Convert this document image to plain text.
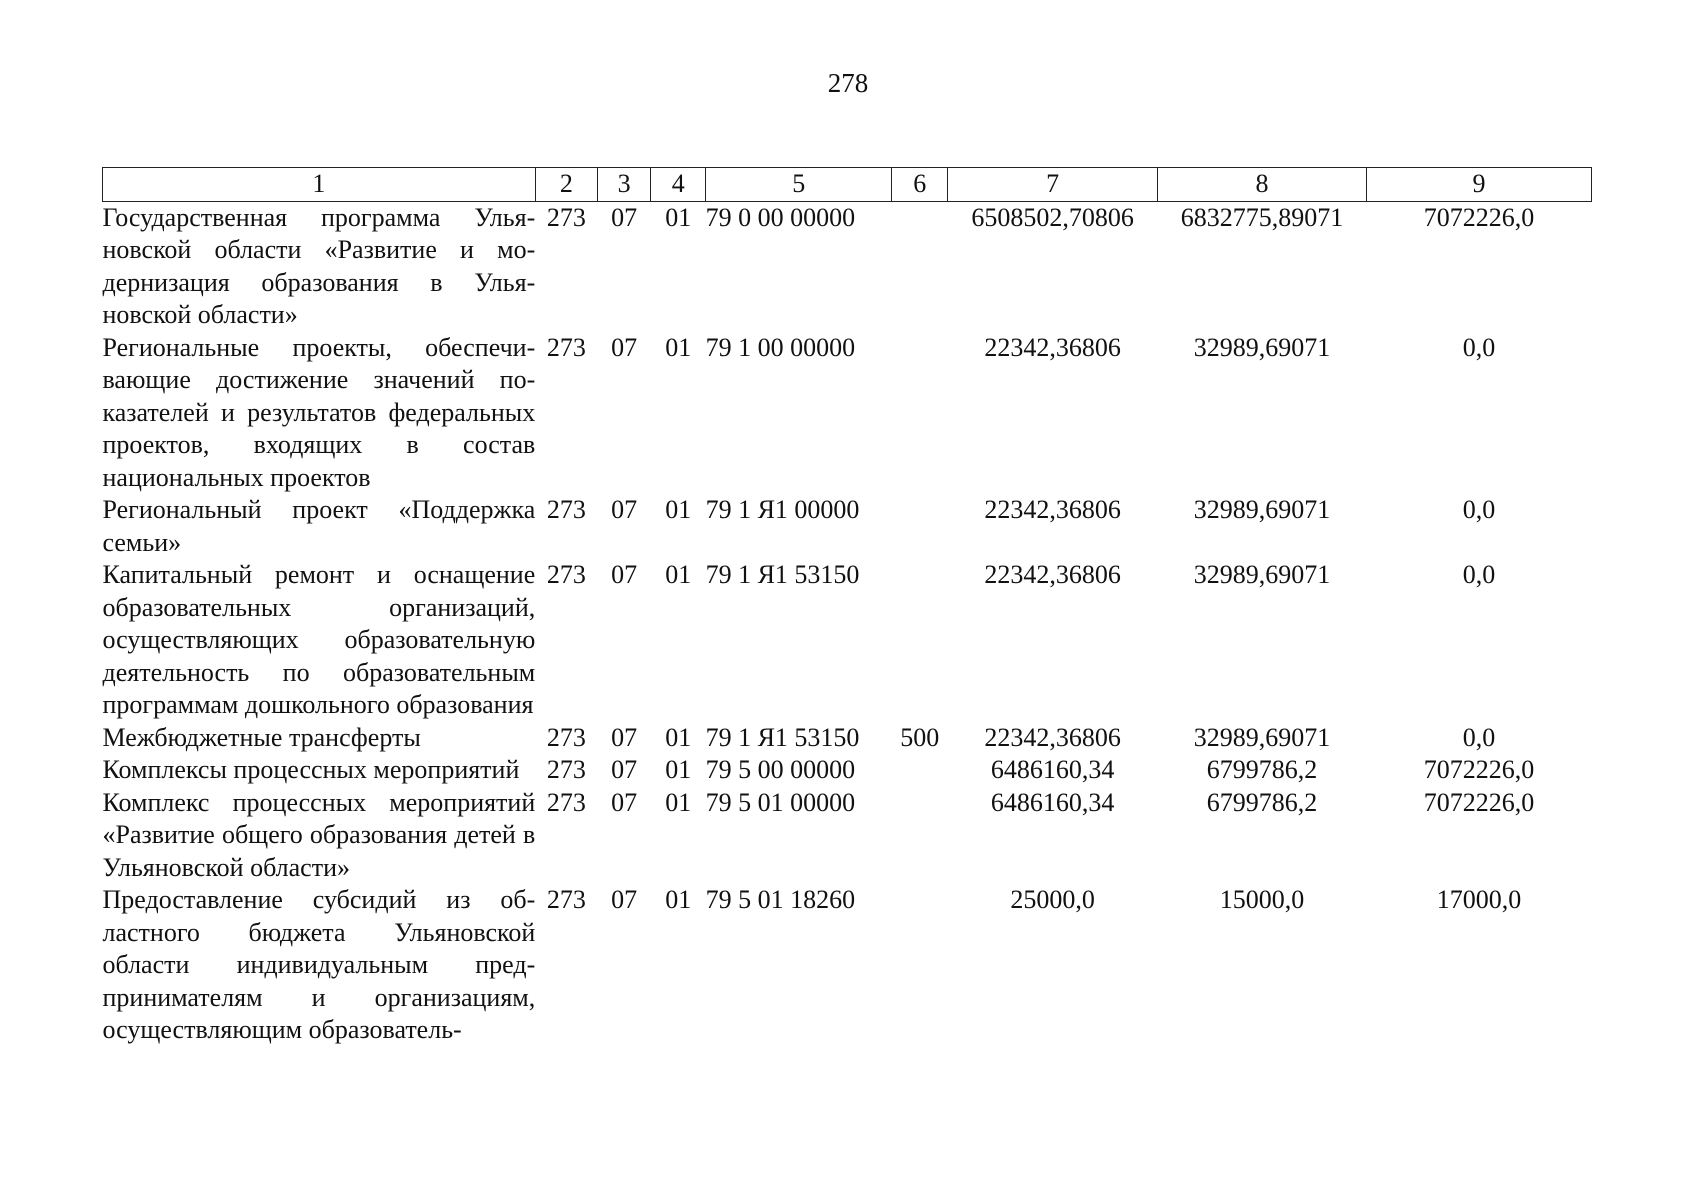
278
1	2	3	4	5	6	7	8	9
Государственная программа Ульяновской области «Развитие и модернизация образования в Ульяновской области»	273	07	01	79 0 00 00000		6508502,70806	6832775,89071	7072226,0
Региональные проекты, обеспечивающие достижение значений показателей и результатов федеральных проектов, входящих в состав национальных проектов	273	07	01	79 1 00 00000		22342,36806	32989,69071	0,0
Региональный проект «Поддержка семьи»	273	07	01	79 1 Я1 00000		22342,36806	32989,69071	0,0
Капитальный ремонт и оснащение образовательных организаций, осуществляющих образовательную деятельность по образовательным программам дошкольного образования	273	07	01	79 1 Я1 53150		22342,36806	32989,69071	0,0
Межбюджетные трансферты	273	07	01	79 1 Я1 53150	500	22342,36806	32989,69071	0,0
Комплексы процессных мероприятий	273	07	01	79 5 00 00000		6486160,34	6799786,2	7072226,0
Комплекс процессных мероприятий «Развитие общего образования детей в Ульяновской области»	273	07	01	79 5 01 00000		6486160,34	6799786,2	7072226,0
Предоставление субсидий из областного бюджета Ульяновской области индивидуальным предпринимателям и организациям, осуществляющим образователь-	273	07	01	79 5 01 18260		25000,0	15000,0	17000,0
